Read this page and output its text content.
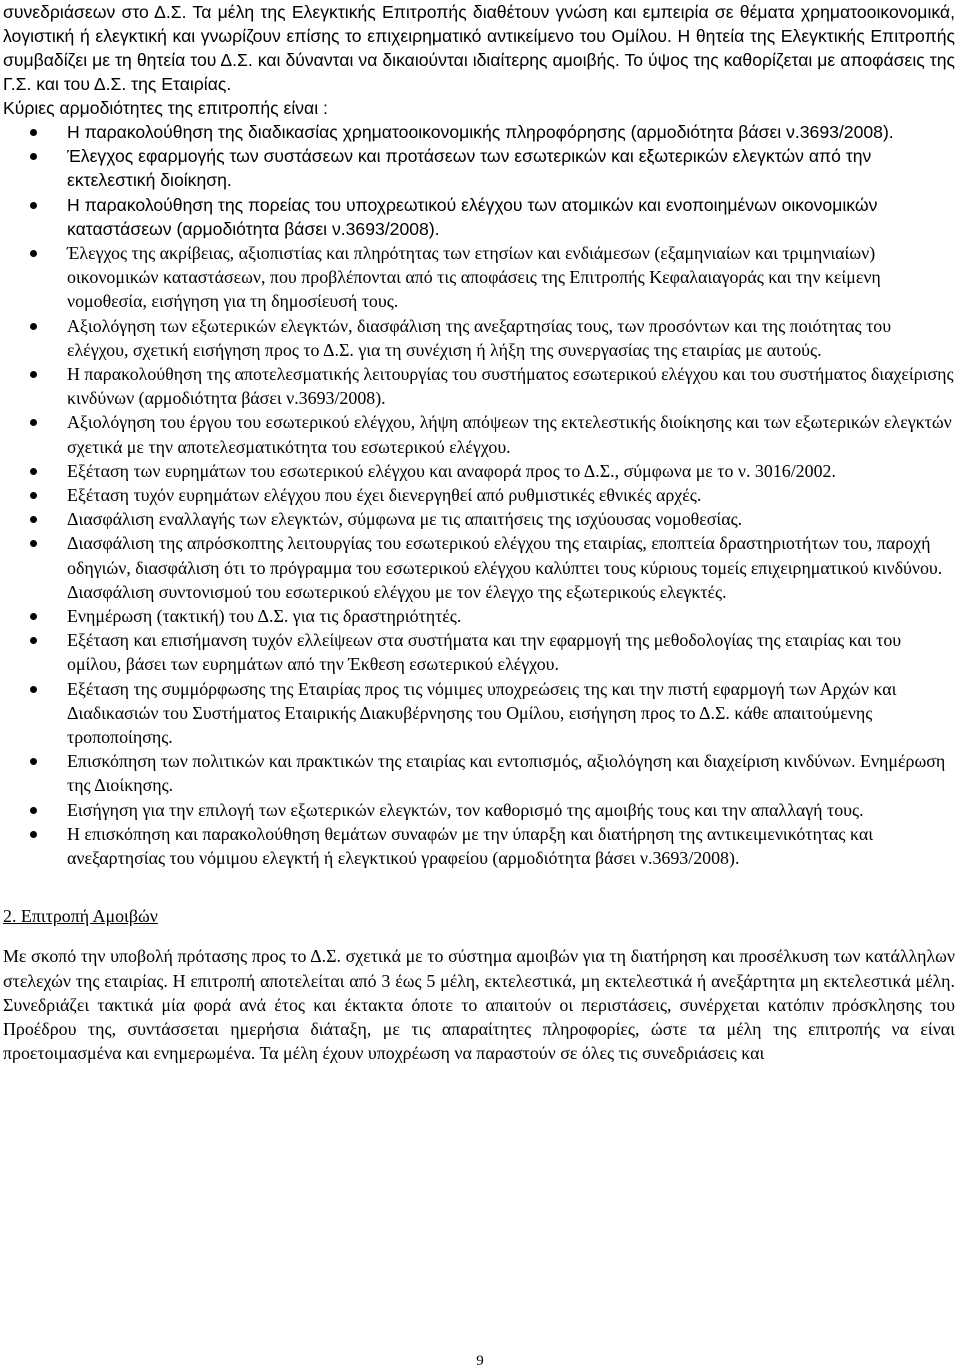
συνεδριάσεων στο Δ.Σ. Τα μέλη της Ελεγκτικής Επιτροπής διαθέτουν γνώση και εμπειρία σε θέματα χρηματοοικονομικά, λογιστική ή ελεγκτική και γνωρίζουν επίσης το επιχειρηματικό αντικείμενο του Ομίλου. Η θητεία της Ελεγκτικής Επιτροπής συμβαδίζει με τη θητεία του Δ.Σ. και δύνανται να δικαιούνται ιδιαίτερης αμοιβής. Το ύψος της καθορίζεται με αποφάσεις της Γ.Σ. και του Δ.Σ. της Εταιρίας.

Κύριες αρμοδιότητες της επιτροπής είναι :

Η παρακολούθηση της διαδικασίας χρηματοοικονομικής πληροφόρησης (αρμοδιότητα βάσει ν.3693/2008).
Έλεγχος εφαρμογής των συστάσεων και προτάσεων των εσωτερικών και εξωτερικών ελεγκτών από την εκτελεστική διοίκηση.
Η παρακολούθηση της πορείας του υποχρεωτικού ελέγχου των ατομικών και ενοποιημένων οικονομικών καταστάσεων (αρμοδιότητα βάσει ν.3693/2008).
Έλεγχος της ακρίβειας, αξιοπιστίας και πληρότητας των ετησίων και ενδιάμεσων (εξαμηνιαίων και τριμηνιαίων) οικονομικών καταστάσεων, που προβλέπονται από τις αποφάσεις της Επιτροπής Κεφαλαιαγοράς και την κείμενη νομοθεσία, εισήγηση για τη δημοσίευσή τους.
Αξιολόγηση των εξωτερικών ελεγκτών, διασφάλιση της ανεξαρτησίας τους, των προσόντων και της ποιότητας του ελέγχου, σχετική εισήγηση προς το Δ.Σ. για τη συνέχιση ή λήξη της συνεργασίας της εταιρίας με αυτούς.
Η παρακολούθηση της αποτελεσματικής λειτουργίας του συστήματος εσωτερικού ελέγχου και του συστήματος διαχείρισης κινδύνων (αρμοδιότητα βάσει ν.3693/2008).
Αξιολόγηση του έργου του εσωτερικού ελέγχου, λήψη απόψεων της εκτελεστικής διοίκησης και των εξωτερικών ελεγκτών σχετικά με την αποτελεσματικότητα του εσωτερικού ελέγχου.
Εξέταση των ευρημάτων του εσωτερικού ελέγχου και αναφορά προς το Δ.Σ., σύμφωνα με το ν. 3016/2002.
Εξέταση τυχόν ευρημάτων ελέγχου που έχει διενεργηθεί από ρυθμιστικές εθνικές αρχές.
Διασφάλιση εναλλαγής των ελεγκτών, σύμφωνα με τις απαιτήσεις της ισχύουσας νομοθεσίας.
Διασφάλιση της απρόσκοπτης λειτουργίας του εσωτερικού ελέγχου της εταιρίας, εποπτεία δραστηριοτήτων του, παροχή οδηγιών, διασφάλιση ότι το πρόγραμμα του εσωτερικού ελέγχου καλύπτει τους κύριους τομείς επιχειρηματικού κινδύνου. Διασφάλιση συντονισμού του εσωτερικού ελέγχου με τον έλεγχο της εξωτερικούς ελεγκτές.
Ενημέρωση (τακτική) του Δ.Σ. για τις δραστηριότητές.
Εξέταση και επισήμανση τυχόν ελλείψεων στα συστήματα και την εφαρμογή της μεθοδολογίας της εταιρίας και του ομίλου, βάσει των ευρημάτων από την Έκθεση εσωτερικού ελέγχου.
Εξέταση της συμμόρφωσης της Εταιρίας προς τις νόμιμες υποχρεώσεις της και την πιστή εφαρμογή των Αρχών και Διαδικασιών του Συστήματος Εταιρικής Διακυβέρνησης του Ομίλου, εισήγηση προς το Δ.Σ. κάθε απαιτούμενης τροποποίησης.
Επισκόπηση των πολιτικών και πρακτικών της εταιρίας και εντοπισμός, αξιολόγηση και διαχείριση κινδύνων. Ενημέρωση της Διοίκησης.
Εισήγηση για την επιλογή των εξωτερικών ελεγκτών, τον καθορισμό της αμοιβής τους και την απαλλαγή τους.
Η επισκόπηση και παρακολούθηση θεμάτων συναφών με την ύπαρξη και διατήρηση της αντικειμενικότητας και ανεξαρτησίας του νόμιμου ελεγκτή ή ελεγκτικού γραφείου (αρμοδιότητα βάσει ν.3693/2008).

2. Επιτροπή Αμοιβών

Με σκοπό την υποβολή πρότασης προς το Δ.Σ. σχετικά με το σύστημα αμοιβών για τη διατήρηση και προσέλκυση των κατάλληλων στελεχών της εταιρίας. Η επιτροπή αποτελείται από 3 έως 5 μέλη, εκτελεστικά, μη εκτελεστικά ή ανεξάρτητα μη εκτελεστικά μέλη. Συνεδριάζει τακτικά μία φορά ανά έτος και έκτακτα όποτε το απαιτούν οι περιστάσεις, συνέρχεται κατόπιν πρόσκλησης του Προέδρου της, συντάσσεται ημερήσια διάταξη, με τις απαραίτητες πληροφορίες, ώστε τα μέλη της επιτροπής να είναι προετοιμασμένα και ενημερωμένα. Τα μέλη έχουν υποχρέωση να παραστούν σε όλες τις συνεδριάσεις και

9
